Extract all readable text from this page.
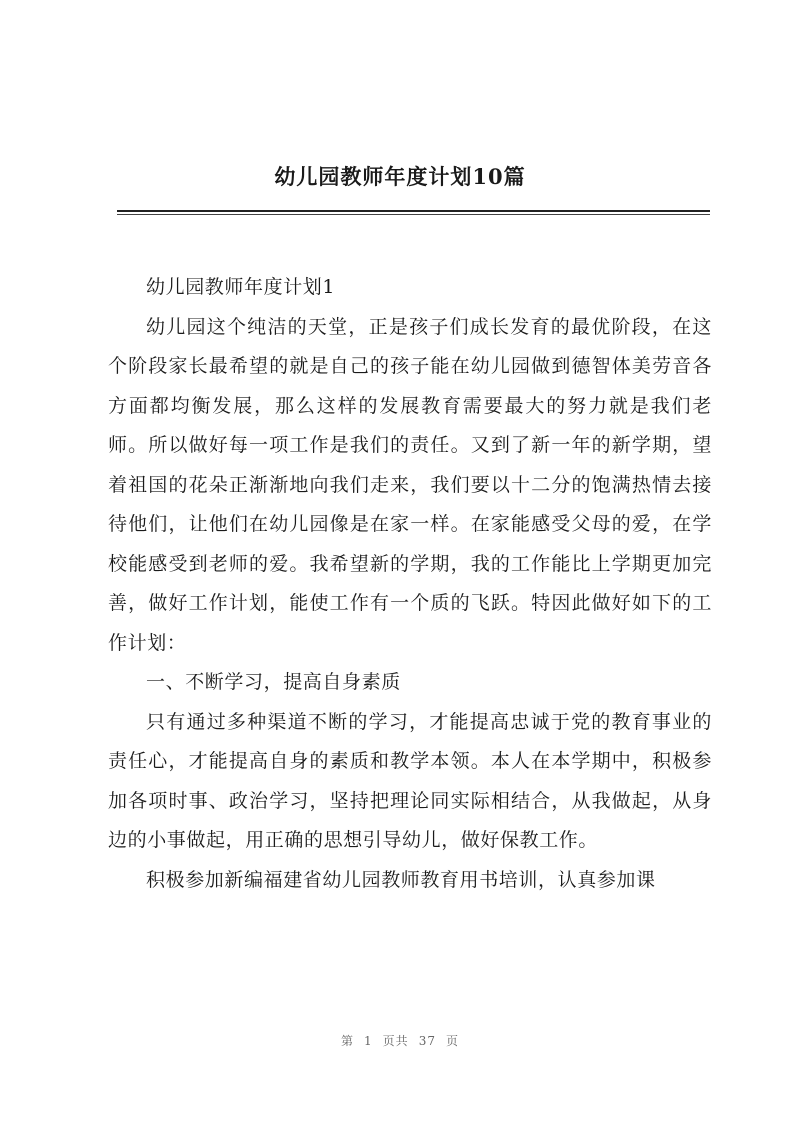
幼儿园教师年度计划10篇

幼儿园教师年度计划1

幼儿园这个纯洁的天堂，正是孩子们成长发育的最优阶段，在这个阶段家长最希望的就是自己的孩子能在幼儿园做到德智体美劳音各方面都均衡发展，那么这样的发展教育需要最大的努力就是我们老师。所以做好每一项工作是我们的责任。又到了新一年的新学期，望着祖国的花朵正渐渐地向我们走来，我们要以十二分的饱满热情去接待他们，让他们在幼儿园像是在家一样。在家能感受父母的爱，在学校能感受到老师的爱。我希望新的学期，我的工作能比上学期更加完善，做好工作计划，能使工作有一个质的飞跃。特因此做好如下的工作计划：

一、不断学习，提高自身素质

只有通过多种渠道不断的学习，才能提高忠诚于党的教育事业的责任心，才能提高自身的素质和教学本领。本人在本学期中，积极参加各项时事、政治学习，坚持把理论同实际相结合，从我做起，从身边的小事做起，用正确的思想引导幼儿，做好保教工作。

积极参加新编福建省幼儿园教师教育用书培训，认真参加课

第 1 页共 37 页
